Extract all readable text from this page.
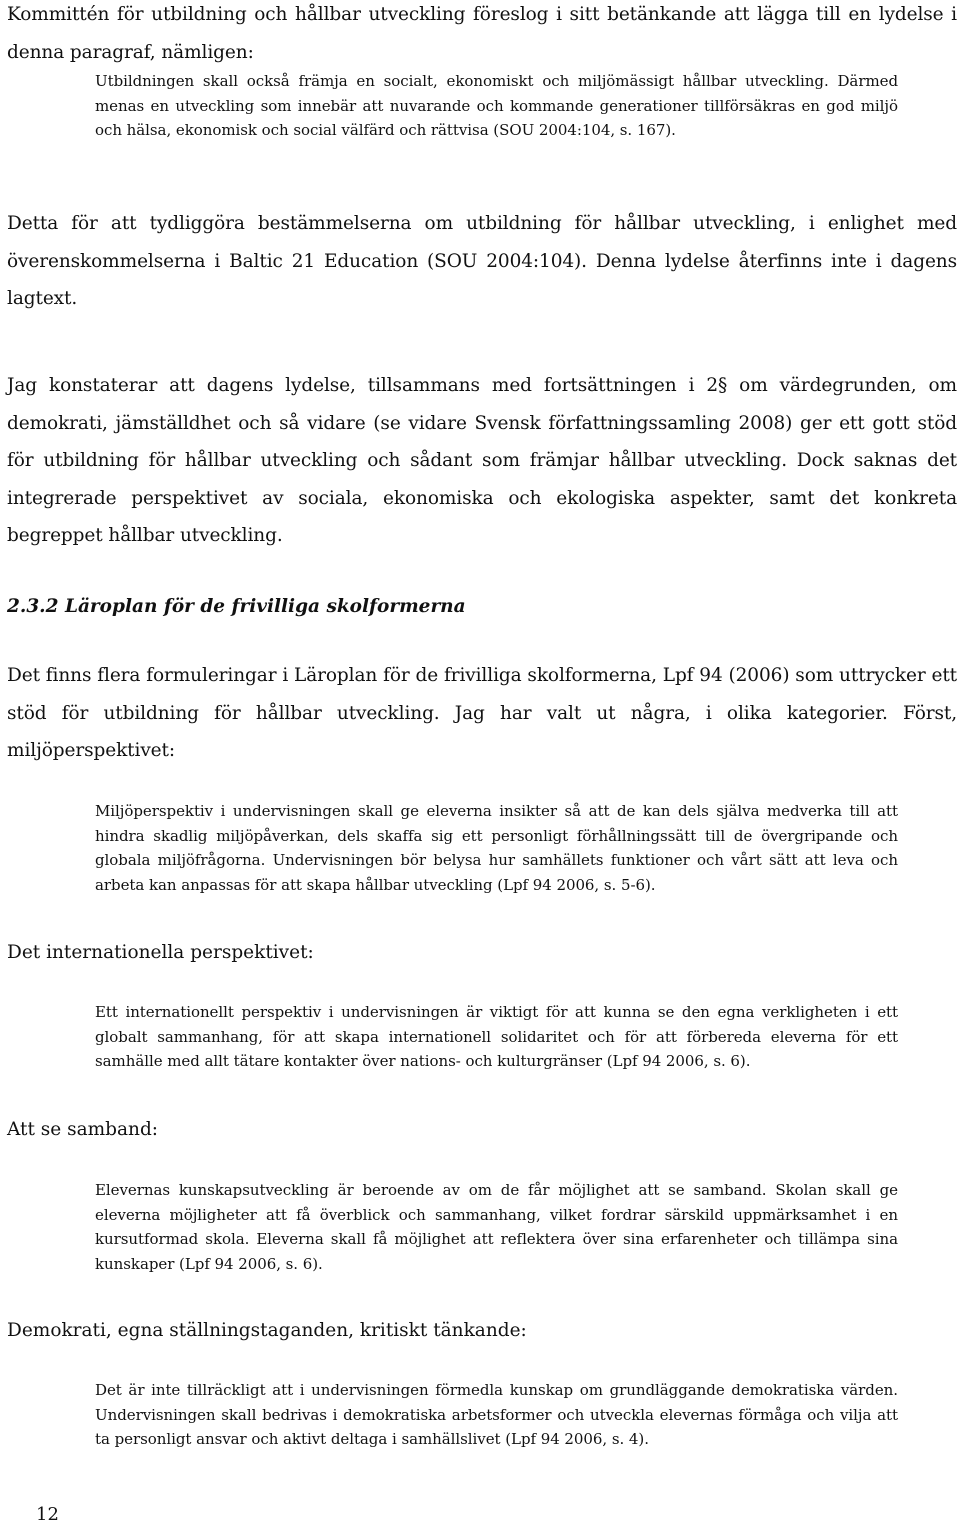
Kommittén för utbildning och hållbar utveckling föreslog i sitt betänkande att lägga till en lydelse i denna paragraf, nämligen:

Utbildningen skall också främja en socialt, ekonomiskt och miljömässigt hållbar utveckling. Därmed menas en utveckling som innebär att nuvarande och kommande generationer tillförsäkras en god miljö och hälsa, ekonomisk och social välfärd och rättvisa (SOU 2004:104, s. 167).

Detta för att tydliggöra bestämmelserna om utbildning för hållbar utveckling, i enlighet med överenskommelserna i Baltic 21 Education (SOU 2004:104). Denna lydelse återfinns inte i dagens lagtext.

Jag konstaterar att dagens lydelse, tillsammans med fortsättningen i 2§ om värdegrunden, om demokrati, jämställdhet och så vidare (se vidare Svensk författningssamling 2008) ger ett gott stöd för utbildning för hållbar utveckling och sådant som främjar hållbar utveckling. Dock saknas det integrerade perspektivet av sociala, ekonomiska och ekologiska aspekter, samt det konkreta begreppet hållbar utveckling.

2.3.2 Läroplan för de frivilliga skolformerna

Det finns flera formuleringar i Läroplan för de frivilliga skolformerna, Lpf 94 (2006) som uttrycker ett stöd för utbildning för hållbar utveckling. Jag har valt ut några, i olika kategorier. Först, miljöperspektivet:

Miljöperspektiv i undervisningen skall ge eleverna insikter så att de kan dels själva medverka till att hindra skadlig miljöpåverkan, dels skaffa sig ett personligt förhållningssätt till de övergripande och globala miljöfrågorna. Undervisningen bör belysa hur samhällets funktioner och vårt sätt att leva och arbeta kan anpassas för att skapa hållbar utveckling (Lpf 94 2006, s. 5-6).

Det internationella perspektivet:

Ett internationellt perspektiv i undervisningen är viktigt för att kunna se den egna verkligheten i ett globalt sammanhang, för att skapa internationell solidaritet och för att förbereda eleverna för ett samhälle med allt tätare kontakter över nations- och kulturgränser (Lpf 94 2006, s. 6).

Att se samband:

Elevernas kunskapsutveckling är beroende av om de får möjlighet att se samband. Skolan skall ge eleverna möjligheter att få överblick och sammanhang, vilket fordrar särskild uppmärksamhet i en kursutformad skola. Eleverna skall få möjlighet att reflektera över sina erfarenheter och tillämpa sina kunskaper (Lpf 94 2006, s. 6).

Demokrati, egna ställningstaganden, kritiskt tänkande:

Det är inte tillräckligt att i undervisningen förmedla kunskap om grundläggande demokratiska värden. Undervisningen skall bedrivas i demokratiska arbetsformer och utveckla elevernas förmåga och vilja att ta personligt ansvar och aktivt deltaga i samhällslivet (Lpf 94 2006, s. 4).

12
